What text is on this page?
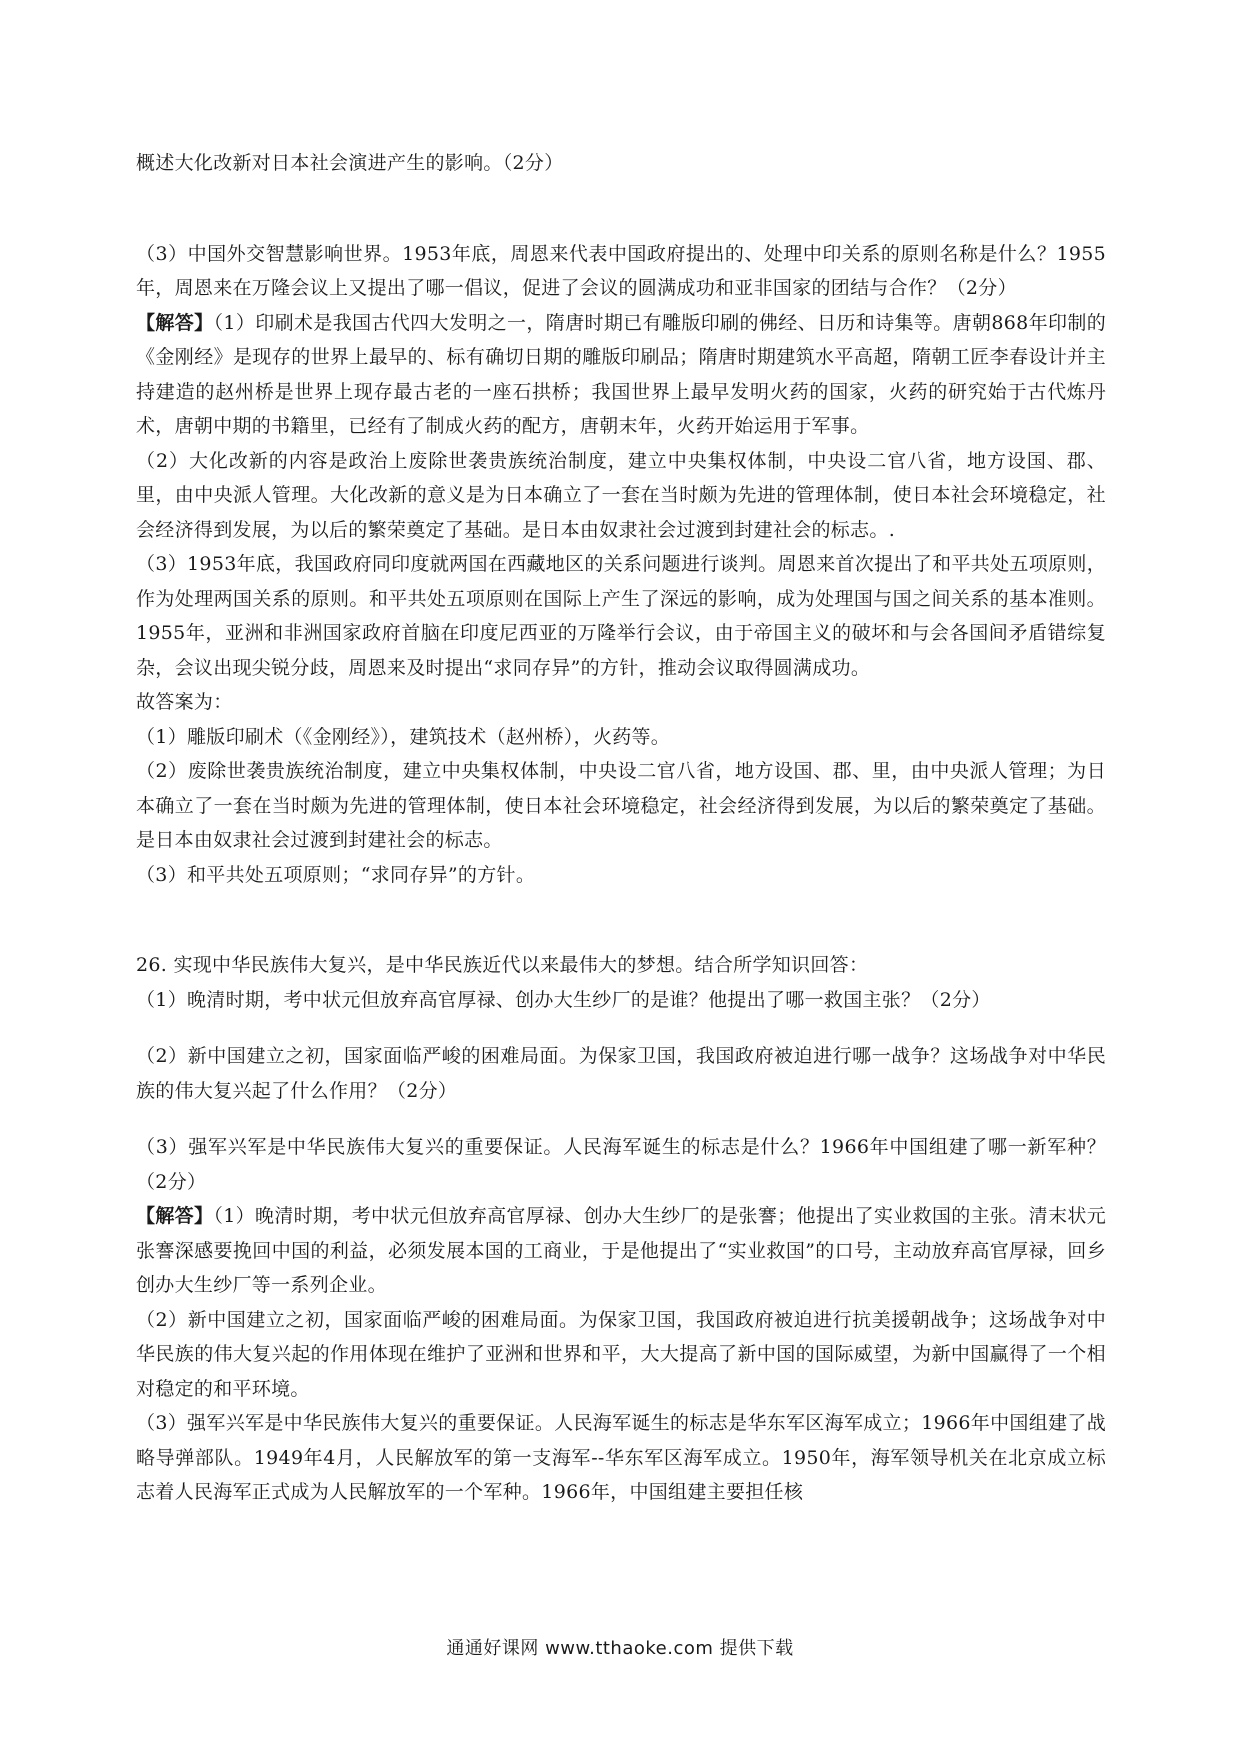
概述大化改新对日本社会演进产生的影响。（2分）

（3）中国外交智慧影响世界。1953年底，周恩来代表中国政府提出的、处理中印关系的原则名称是什么？1955年，周恩来在万隆会议上又提出了哪一倡议，促进了会议的圆满成功和亚非国家的团结与合作？（2分）

【解答】（1）印刷术是我国古代四大发明之一，隋唐时期已有雕版印刷的佛经、日历和诗集等。唐朝868年印制的《金刚经》是现存的世界上最早的、标有确切日期的雕版印刷品；隋唐时期建筑水平高超，隋朝工匠李春设计并主持建造的赵州桥是世界上现存最古老的一座石拱桥；我国世界上最早发明火药的国家，火药的研究始于古代炼丹术，唐朝中期的书籍里，已经有了制成火药的配方，唐朝末年，火药开始运用于军事。

（2）大化改新的内容是政治上废除世袭贵族统治制度，建立中央集权体制，中央设二官八省，地方设国、郡、里，由中央派人管理。大化改新的意义是为日本确立了一套在当时颇为先进的管理体制，使日本社会环境稳定，社会经济得到发展，为以后的繁荣奠定了基础。是日本由奴隶社会过渡到封建社会的标志。.

（3）1953年底，我国政府同印度就两国在西藏地区的关系问题进行谈判。周恩来首次提出了和平共处五项原则，作为处理两国关系的原则。和平共处五项原则在国际上产生了深远的影响，成为处理国与国之间关系的基本准则。1955年，亚洲和非洲国家政府首脑在印度尼西亚的万隆举行会议，由于帝国主义的破坏和与会各国间矛盾错综复杂，会议出现尖锐分歧，周恩来及时提出“求同存异”的方针，推动会议取得圆满成功。

故答案为：

（1）雕版印刷术（《金刚经》），建筑技术（赵州桥），火药等。

（2）废除世袭贵族统治制度，建立中央集权体制，中央设二官八省，地方设国、郡、里，由中央派人管理；为日本确立了一套在当时颇为先进的管理体制，使日本社会环境稳定，社会经济得到发展，为以后的繁荣奠定了基础。是日本由奴隶社会过渡到封建社会的标志。

（3）和平共处五项原则；“求同存异”的方针。

26. 实现中华民族伟大复兴，是中华民族近代以来最伟大的梦想。结合所学知识回答：

（1）晚清时期，考中状元但放弃高官厚禄、创办大生纱厂的是谁？他提出了哪一救国主张？（2分）

（2）新中国建立之初，国家面临严峻的困难局面。为保家卫国，我国政府被迫进行哪一战争？这场战争对中华民族的伟大复兴起了什么作用？（2分）

（3）强军兴军是中华民族伟大复兴的重要保证。人民海军诞生的标志是什么？1966年中国组建了哪一新军种？（2分）

【解答】（1）晚清时期，考中状元但放弃高官厚禄、创办大生纱厂的是张謇；他提出了实业救国的主张。清末状元张謇深感要挽回中国的利益，必须发展本国的工商业，于是他提出了“实业救国”的口号，主动放弃高官厚禄，回乡创办大生纱厂等一系列企业。

（2）新中国建立之初，国家面临严峻的困难局面。为保家卫国，我国政府被迫进行抗美援朝战争；这场战争对中华民族的伟大复兴起的作用体现在维护了亚洲和世界和平，大大提高了新中国的国际威望，为新中国赢得了一个相对稳定的和平环境。

（3）强军兴军是中华民族伟大复兴的重要保证。人民海军诞生的标志是华东军区海军成立；1966年中国组建了战略导弹部队。1949年4月，人民解放军的第一支海军--华东军区海军成立。1950年，海军领导机关在北京成立标志着人民海军正式成为人民解放军的一个军种。1966年，中国组建主要担任核

通通好课网 www.tthaoke.com 提供下载
